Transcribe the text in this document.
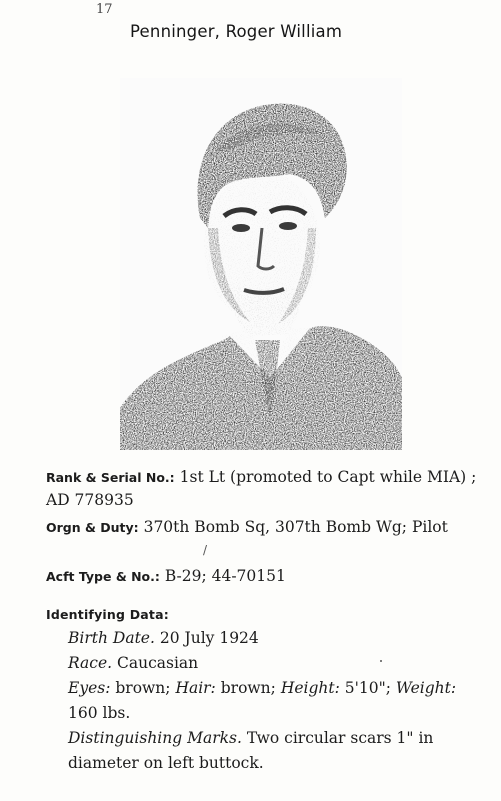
17
Penninger, Roger William
Rank & Serial No.: 1st Lt (promoted to Capt while MIA) ; AD 778935
Orgn & Duty: 370th Bomb Sq, 307th Bomb Wg; Pilot
/
Acft Type & No.: B-29; 44-70151
Identifying Data:
Birth Date. 20 July 1924
Race. Caucasian
Eyes: brown; Hair: brown; Height: 5'10"; Weight: 160 lbs.
Distinguishing Marks. Two circular scars 1" in diameter on left buttock.
